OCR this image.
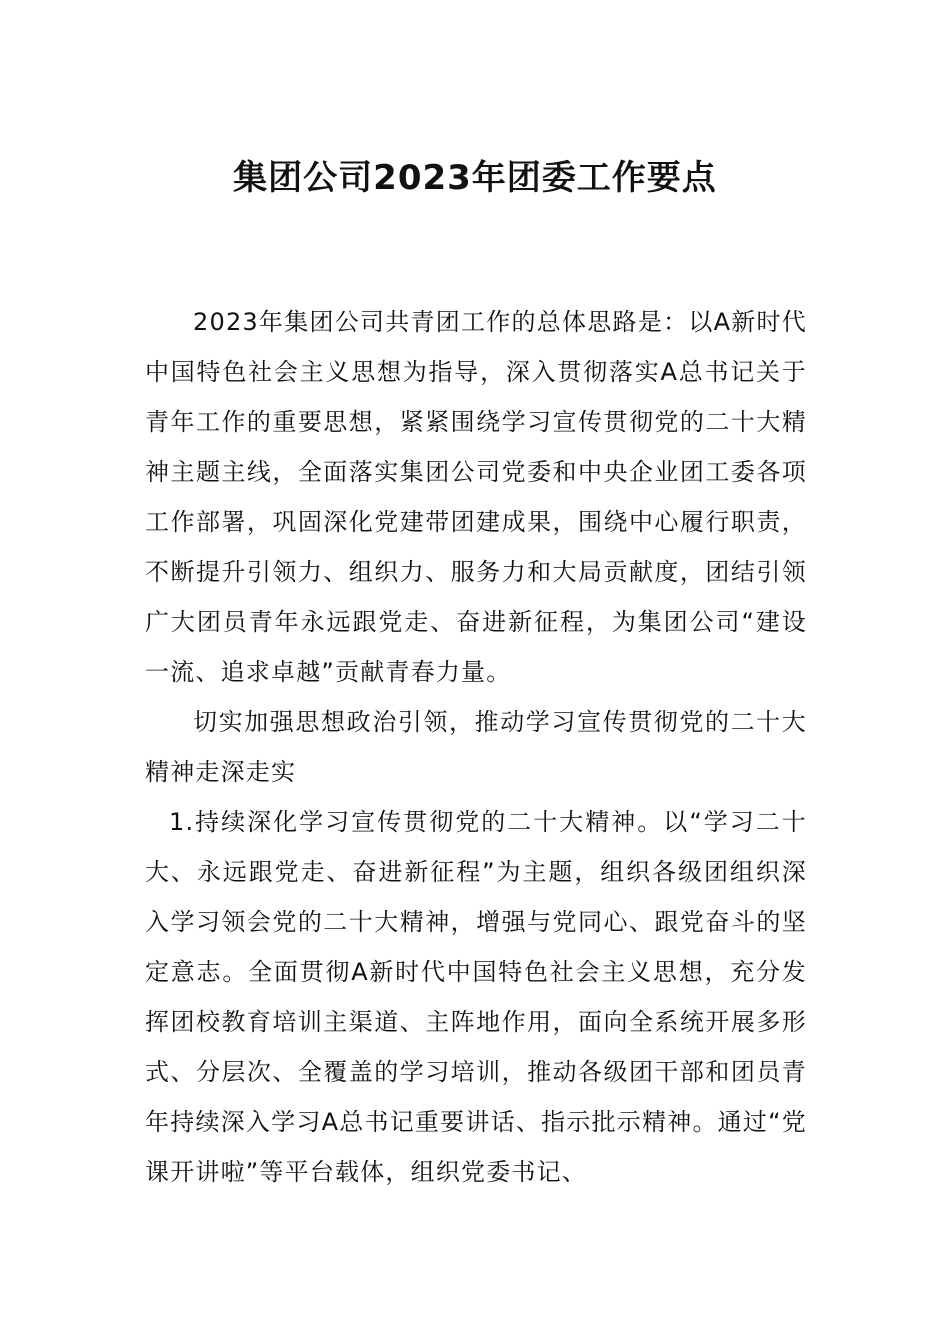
集团公司2023年团委工作要点

2023年集团公司共青团工作的总体思路是：以A新时代中国特色社会主义思想为指导，深入贯彻落实A总书记关于青年工作的重要思想，紧紧围绕学习宣传贯彻党的二十大精神主题主线，全面落实集团公司党委和中央企业团工委各项工作部署，巩固深化党建带团建成果，围绕中心履行职责，不断提升引领力、组织力、服务力和大局贡献度，团结引领广大团员青年永远跟党走、奋进新征程，为集团公司“建设一流、追求卓越”贡献青春力量。

切实加强思想政治引领，推动学习宣传贯彻党的二十大精神走深走实

1.持续深化学习宣传贯彻党的二十大精神。以“学习二十大、永远跟党走、奋进新征程”为主题，组织各级团组织深入学习领会党的二十大精神，增强与党同心、跟党奋斗的坚定意志。全面贯彻A新时代中国特色社会主义思想，充分发挥团校教育培训主渠道、主阵地作用，面向全系统开展多形式、分层次、全覆盖的学习培训，推动各级团干部和团员青年持续深入学习A总书记重要讲话、指示批示精神。通过“党课开讲啦”等平台载体，组织党委书记、
